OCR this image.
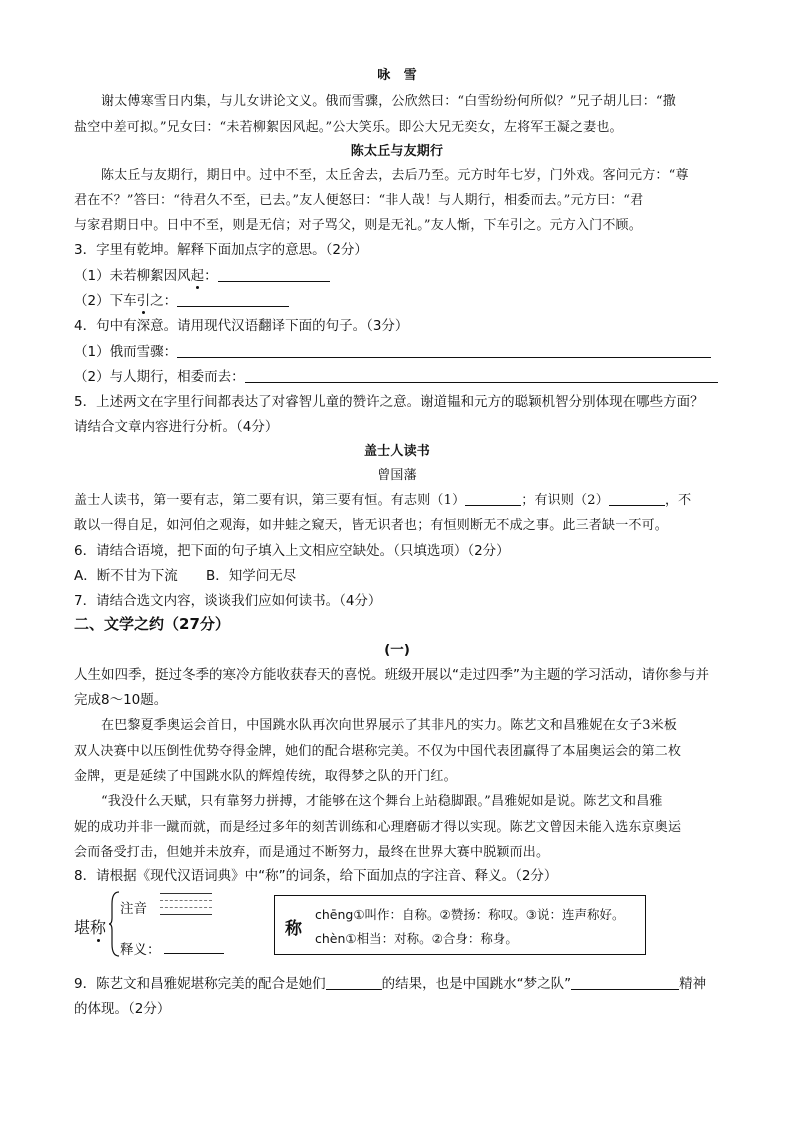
咏　雪
谢太傅寒雪日内集，与儿女讲论文义。俄而雪骤，公欣然曰：“白雪纷纷何所似？”兄子胡儿曰：“撒
盐空中差可拟。”兄女曰：“未若柳絮因风起。”公大笑乐。即公大兄无奕女，左将军王凝之妻也。
陈太丘与友期行
陈太丘与友期行，期日中。过中不至，太丘舍去，去后乃至。元方时年七岁，门外戏。客问元方：“尊
君在不？”答曰：“待君久不至，已去。”友人便怒曰：“非人哉！与人期行，相委而去。”元方曰：“君
与家君期日中。日中不至，则是无信；对子骂父，则是无礼。”友人惭，下车引之。元方入门不顾。
3．字里有乾坤。解释下面加点字的意思。（2分）
（1）未若柳絮因风起：
（2）下车引之：
4．句中有深意。请用现代汉语翻译下面的句子。（3分）
（1）俄而雪骤：
（2）与人期行，相委而去：
5．上述两文在字里行间都表达了对睿智儿童的赞许之意。谢道韫和元方的聪颖机智分别体现在哪些方面？
请结合文章内容进行分析。（4分）
盖士人读书
曾国藩
盖士人读书，第一要有志，第二要有识，第三要有恒。有志则（1）	；有识则（2）	，不
敢以一得自足，如河伯之观海，如井蛙之窥天，皆无识者也；有恒则断无不成之事。此三者缺一不可。
6．请结合语境，把下面的句子填入上文相应空缺处。（只填选项）（2分）
A．断不甘为下流 B．知学问无尽
7．请结合选文内容，谈谈我们应如何读书。（4分）
二、文学之约（27分）
(一)
人生如四季，挺过冬季的寒冷方能收获春天的喜悦。班级开展以“走过四季”为主题的学习活动，请你参与并
完成8～10题。
在巴黎夏季奥运会首日，中国跳水队再次向世界展示了其非凡的实力。陈艺文和昌雅妮在女子3米板
双人决赛中以压倒性优势夺得金牌，她们的配合堪称完美。不仅为中国代表团赢得了本届奥运会的第二枚
金牌，更是延续了中国跳水队的辉煌传统，取得梦之队的开门红。
“我没什么天赋，只有靠努力拼搏，才能够在这个舞台上站稳脚跟。”昌雅妮如是说。陈艺文和昌雅
妮的成功并非一蹴而就，而是经过多年的刻苦训练和心理磨砺才得以实现。陈艺文曾因未能入选东京奥运
会而备受打击，但她并未放弃，而是通过不断努力，最终在世界大赛中脱颖而出。
8．请根据《现代汉语词典》中“称”的词条，给下面加点的字注音、释义。（2分）
堪称
注音
释义：
称
chēng①叫作：自称。②赞扬：称叹。③说：连声称好。
chèn①相当：对称。②合身：称身。
9．陈艺文和昌雅妮堪称完美的配合是她们	的结果，也是中国跳水“梦之队”	精神
的体现。（2分）
